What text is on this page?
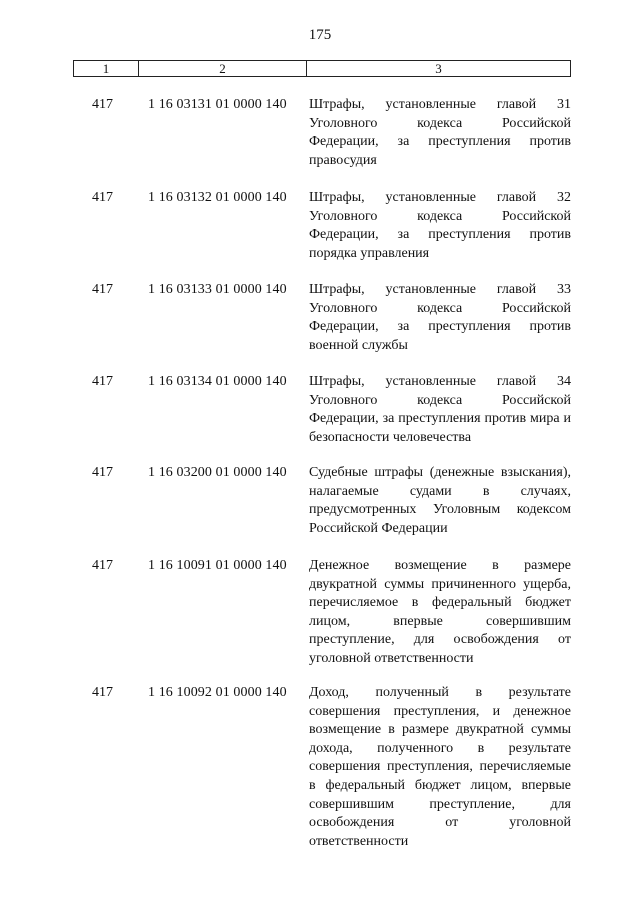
175
1	2	3
417	1 16 03131 01 0000 140 Штрафы, установленные главой 31 Уголовного кодекса Российской Федерации, за преступления против правосудия
417	1 16 03132 01 0000 140 Штрафы, установленные главой 32 Уголовного кодекса Российской Федерации, за преступления против порядка управления
417	1 16 03133 01 0000 140 Штрафы, установленные главой 33 Уголовного кодекса Российской Федерации, за преступления против военной службы
417	1 16 03134 01 0000 140 Штрафы, установленные главой 34 Уголовного кодекса Российской Федерации, за преступления против мира и безопасности человечества
417	1 16 03200 01 0000 140 Судебные штрафы (денежные взыскания), налагаемые судами в случаях, предусмотренных Уголовным кодексом Российской Федерации
417	1 16 10091 01 0000 140 Денежное возмещение в размере двукратной суммы причиненного ущерба, перечисляемое в федеральный бюджет лицом, впервые совершившим преступление, для освобождения от уголовной ответственности
417	1 16 10092 01 0000 140 Доход, полученный в результате совершения преступления, и денежное возмещение в размере двукратной суммы дохода, полученного в результате совершения преступления, перечисляемые в федеральный бюджет лицом, впервые совершившим преступление, для освобождения от уголовной ответственности
